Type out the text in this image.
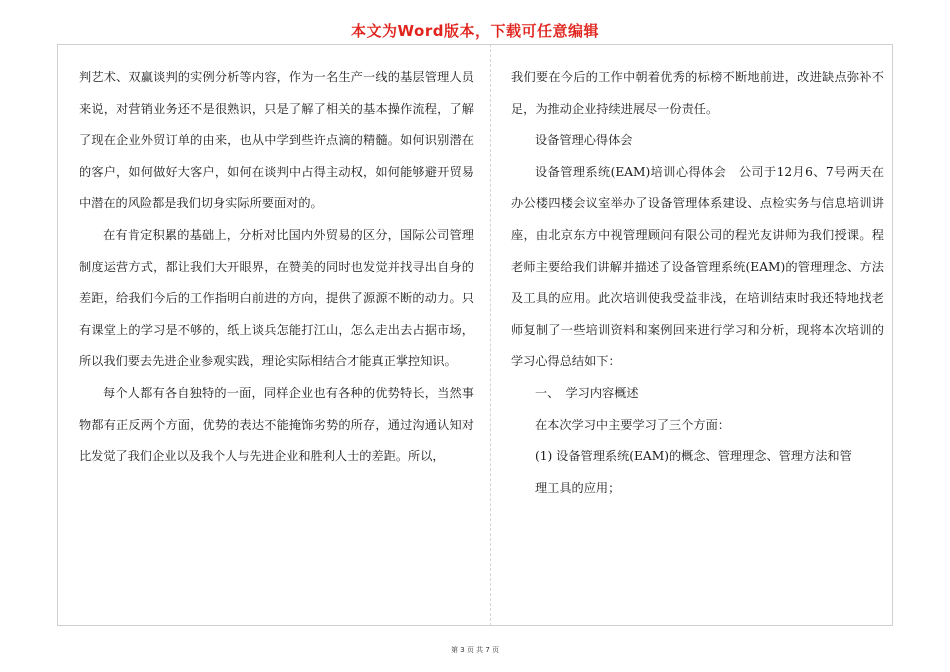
本文为Word版本，下载可任意编辑

判艺术、双赢谈判的实例分析等内容，作为一名生产一线的基层管理人员来说，对营销业务还不是很熟识，只是了解了相关的基本操作流程，了解了现在企业外贸订单的由来，也从中学到些许点滴的精髓。如何识别潜在的客户，如何做好大客户，如何在谈判中占得主动权，如何能够避开贸易中潜在的风险都是我们切身实际所要面对的。

在有肯定积累的基础上，分析对比国内外贸易的区分，国际公司管理制度运营方式，都让我们大开眼界，在赞美的同时也发觉并找寻出自身的差距，给我们今后的工作指明白前进的方向，提供了源源不断的动力。只有课堂上的学习是不够的，纸上谈兵怎能打江山，怎么走出去占据市场，所以我们要去先进企业参观实践，理论实际相结合才能真正掌控知识。

每个人都有各自独特的一面，同样企业也有各种的优势特长，当然事物都有正反两个方面，优势的表达不能掩饰劣势的所存，通过沟通认知对比发觉了我们企业以及我个人与先进企业和胜利人士的差距。所以，

我们要在今后的工作中朝着优秀的标榜不断地前进，改进缺点弥补不足，为推动企业持续进展尽一份责任。

设备管理心得体会

设备管理系统(EAM)培训心得体会　公司于12月6、7号两天在办公楼四楼会议室举办了设备管理体系建设、点检实务与信息培训讲座，由北京东方中视管理顾问有限公司的程光友讲师为我们授课。程老师主要给我们讲解并描述了设备管理系统(EAM)的管理理念、方法及工具的应用。此次培训使我受益非浅，在培训结束时我还特地找老师复制了一些培训资料和案例回来进行学习和分析，现将本次培训的学习心得总结如下：

一、　学习内容概述

在本次学习中主要学习了三个方面：

(1) 设备管理系统(EAM)的概念、管理理念、管理方法和管

理工具的应用；

第 3 页 共 7 页
